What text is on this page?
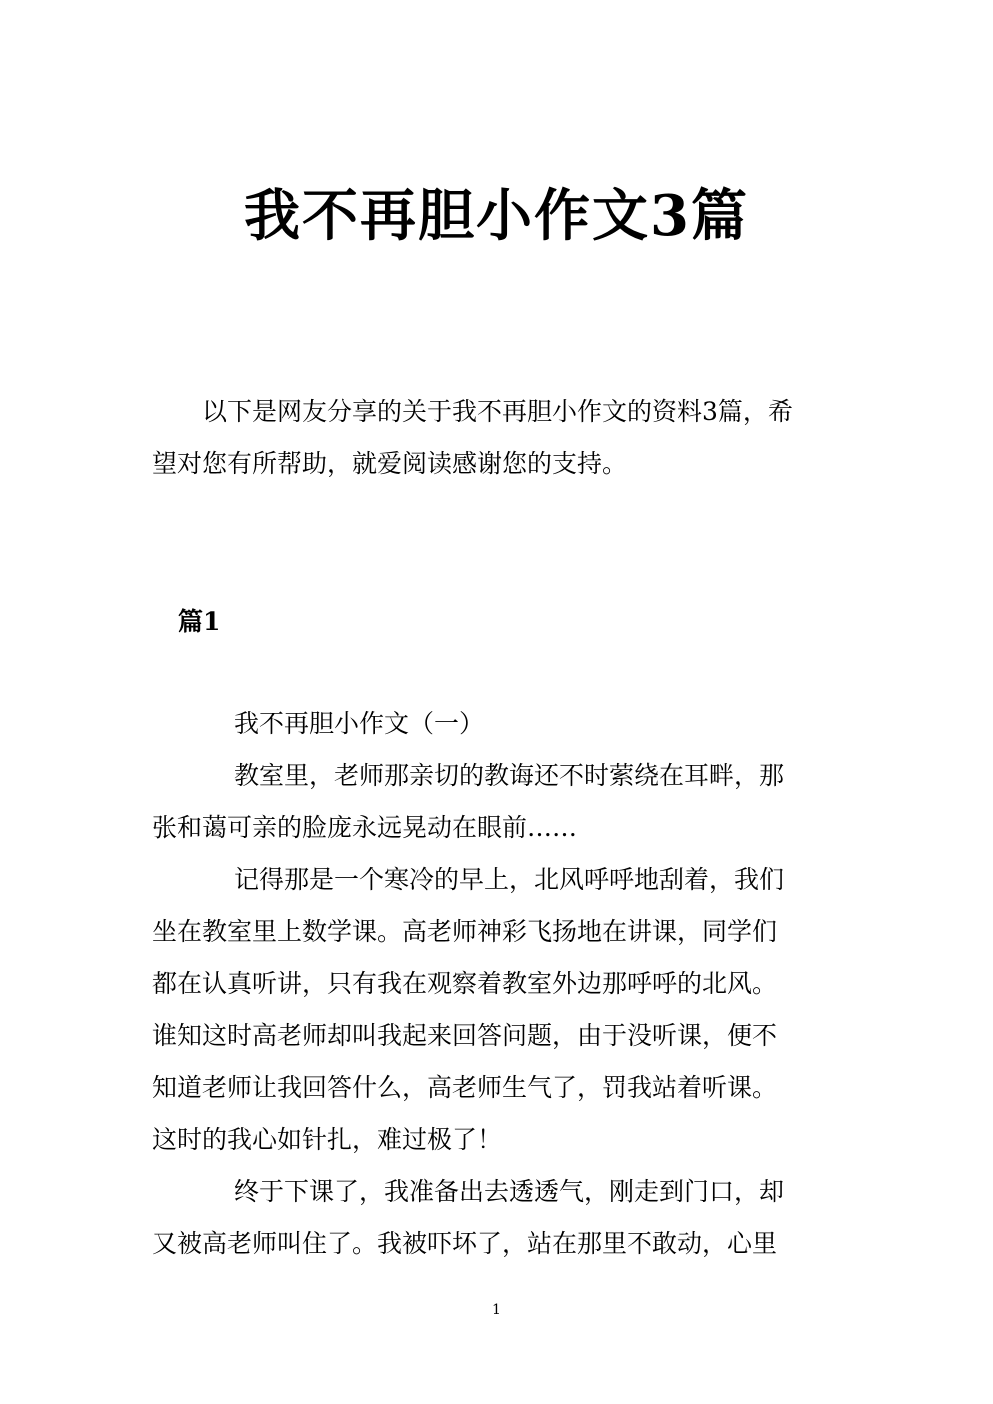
我不再胆小作文3篇
以下是网友分享的关于我不再胆小作文的资料3篇，希
望对您有所帮助，就爱阅读感谢您的支持。
篇1
我不再胆小作文（一）
教室里，老师那亲切的教诲还不时萦绕在耳畔，那
张和蔼可亲的脸庞永远晃动在眼前……
记得那是一个寒冷的早上，北风呼呼地刮着，我们
坐在教室里上数学课。高老师神彩飞扬地在讲课，同学们
都在认真听讲，只有我在观察着教室外边那呼呼的北风。
谁知这时高老师却叫我起来回答问题，由于没听课，便不
知道老师让我回答什么，高老师生气了，罚我站着听课。
这时的我心如针扎，难过极了！
终于下课了，我准备出去透透气，刚走到门口，却
又被高老师叫住了。我被吓坏了，站在那里不敢动，心里
1
